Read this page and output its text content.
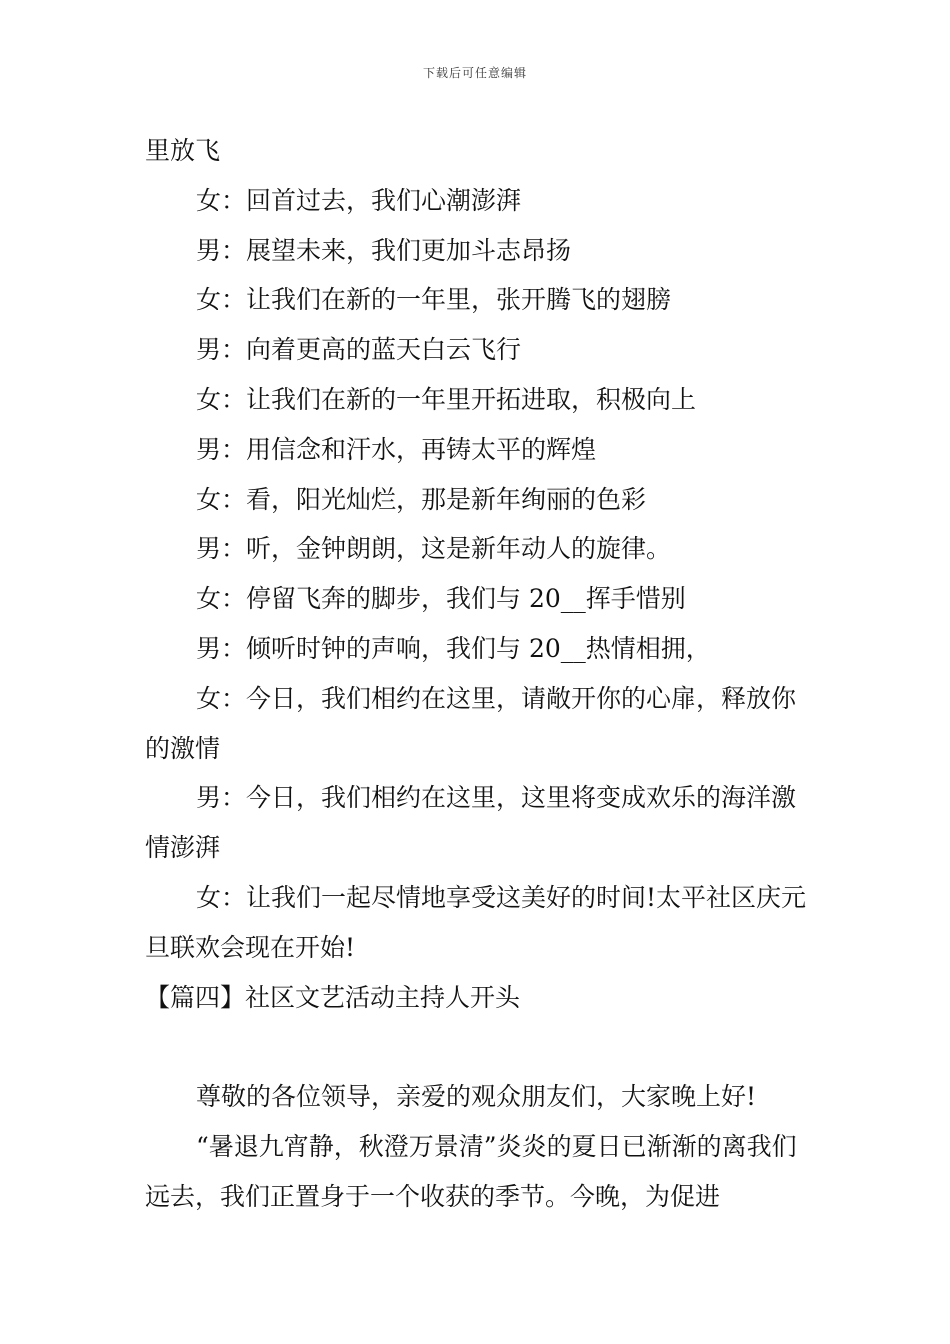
下载后可任意编辑

里放飞

女：回首过去，我们心潮澎湃

男：展望未来，我们更加斗志昂扬

女：让我们在新的一年里，张开腾飞的翅膀

男：向着更高的蓝天白云飞行

女：让我们在新的一年里开拓进取，积极向上

男：用信念和汗水，再铸太平的辉煌

女：看，阳光灿烂，那是新年绚丽的色彩

男：听，金钟朗朗，这是新年动人的旋律。

女：停留飞奔的脚步，我们与 20__挥手惜别

男：倾听时钟的声响，我们与 20__热情相拥，

女：今日，我们相约在这里，请敞开你的心扉，释放你的激情

男：今日，我们相约在这里，这里将变成欢乐的海洋激情澎湃

女：让我们一起尽情地享受这美好的时间!太平社区庆元旦联欢会现在开始!

【篇四】社区文艺活动主持人开头

尊敬的各位领导，亲爱的观众朋友们，大家晚上好!

“暑退九宵静，秋澄万景清”炎炎的夏日已渐渐的离我们远去，我们正置身于一个收获的季节。今晚，为促进
